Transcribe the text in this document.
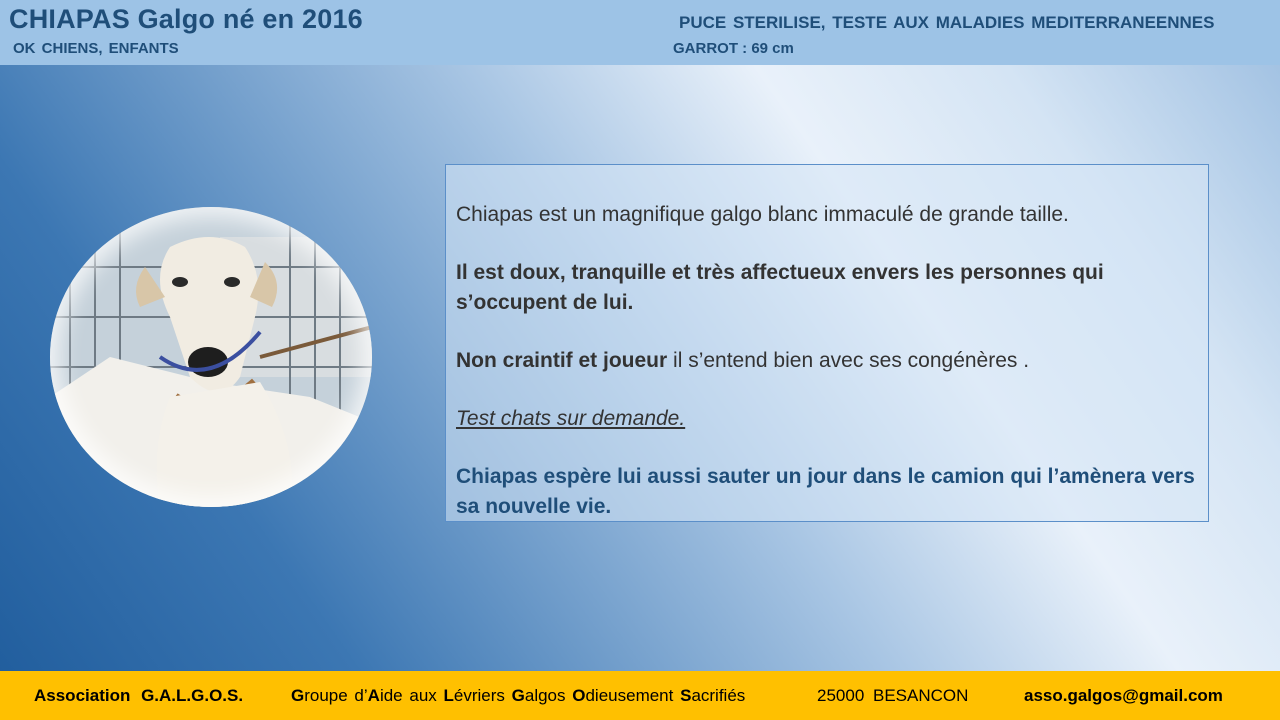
CHIAPAS Galgo né en 2016
OK CHIENS, ENFANTS
PUCE STERILISE, TESTE AUX MALADIES MEDITERRANEENNES
GARROT : 69 cm

Chiapas est un magnifique galgo blanc immaculé de grande taille.

Il est doux, tranquille et très affectueux envers les personnes qui s’occupent de lui.

Non craintif et joueur il s’entend bien avec ses congénères .

Test chats sur demande.

Chiapas espère lui aussi sauter un jour dans le camion qui l’amènera vers sa nouvelle vie.

Association G.A.L.G.O.S.	Groupe d’Aide aux Lévriers Galgos Odieusement Sacrifiés	25000 BESANCON	asso.galgos@gmail.com
